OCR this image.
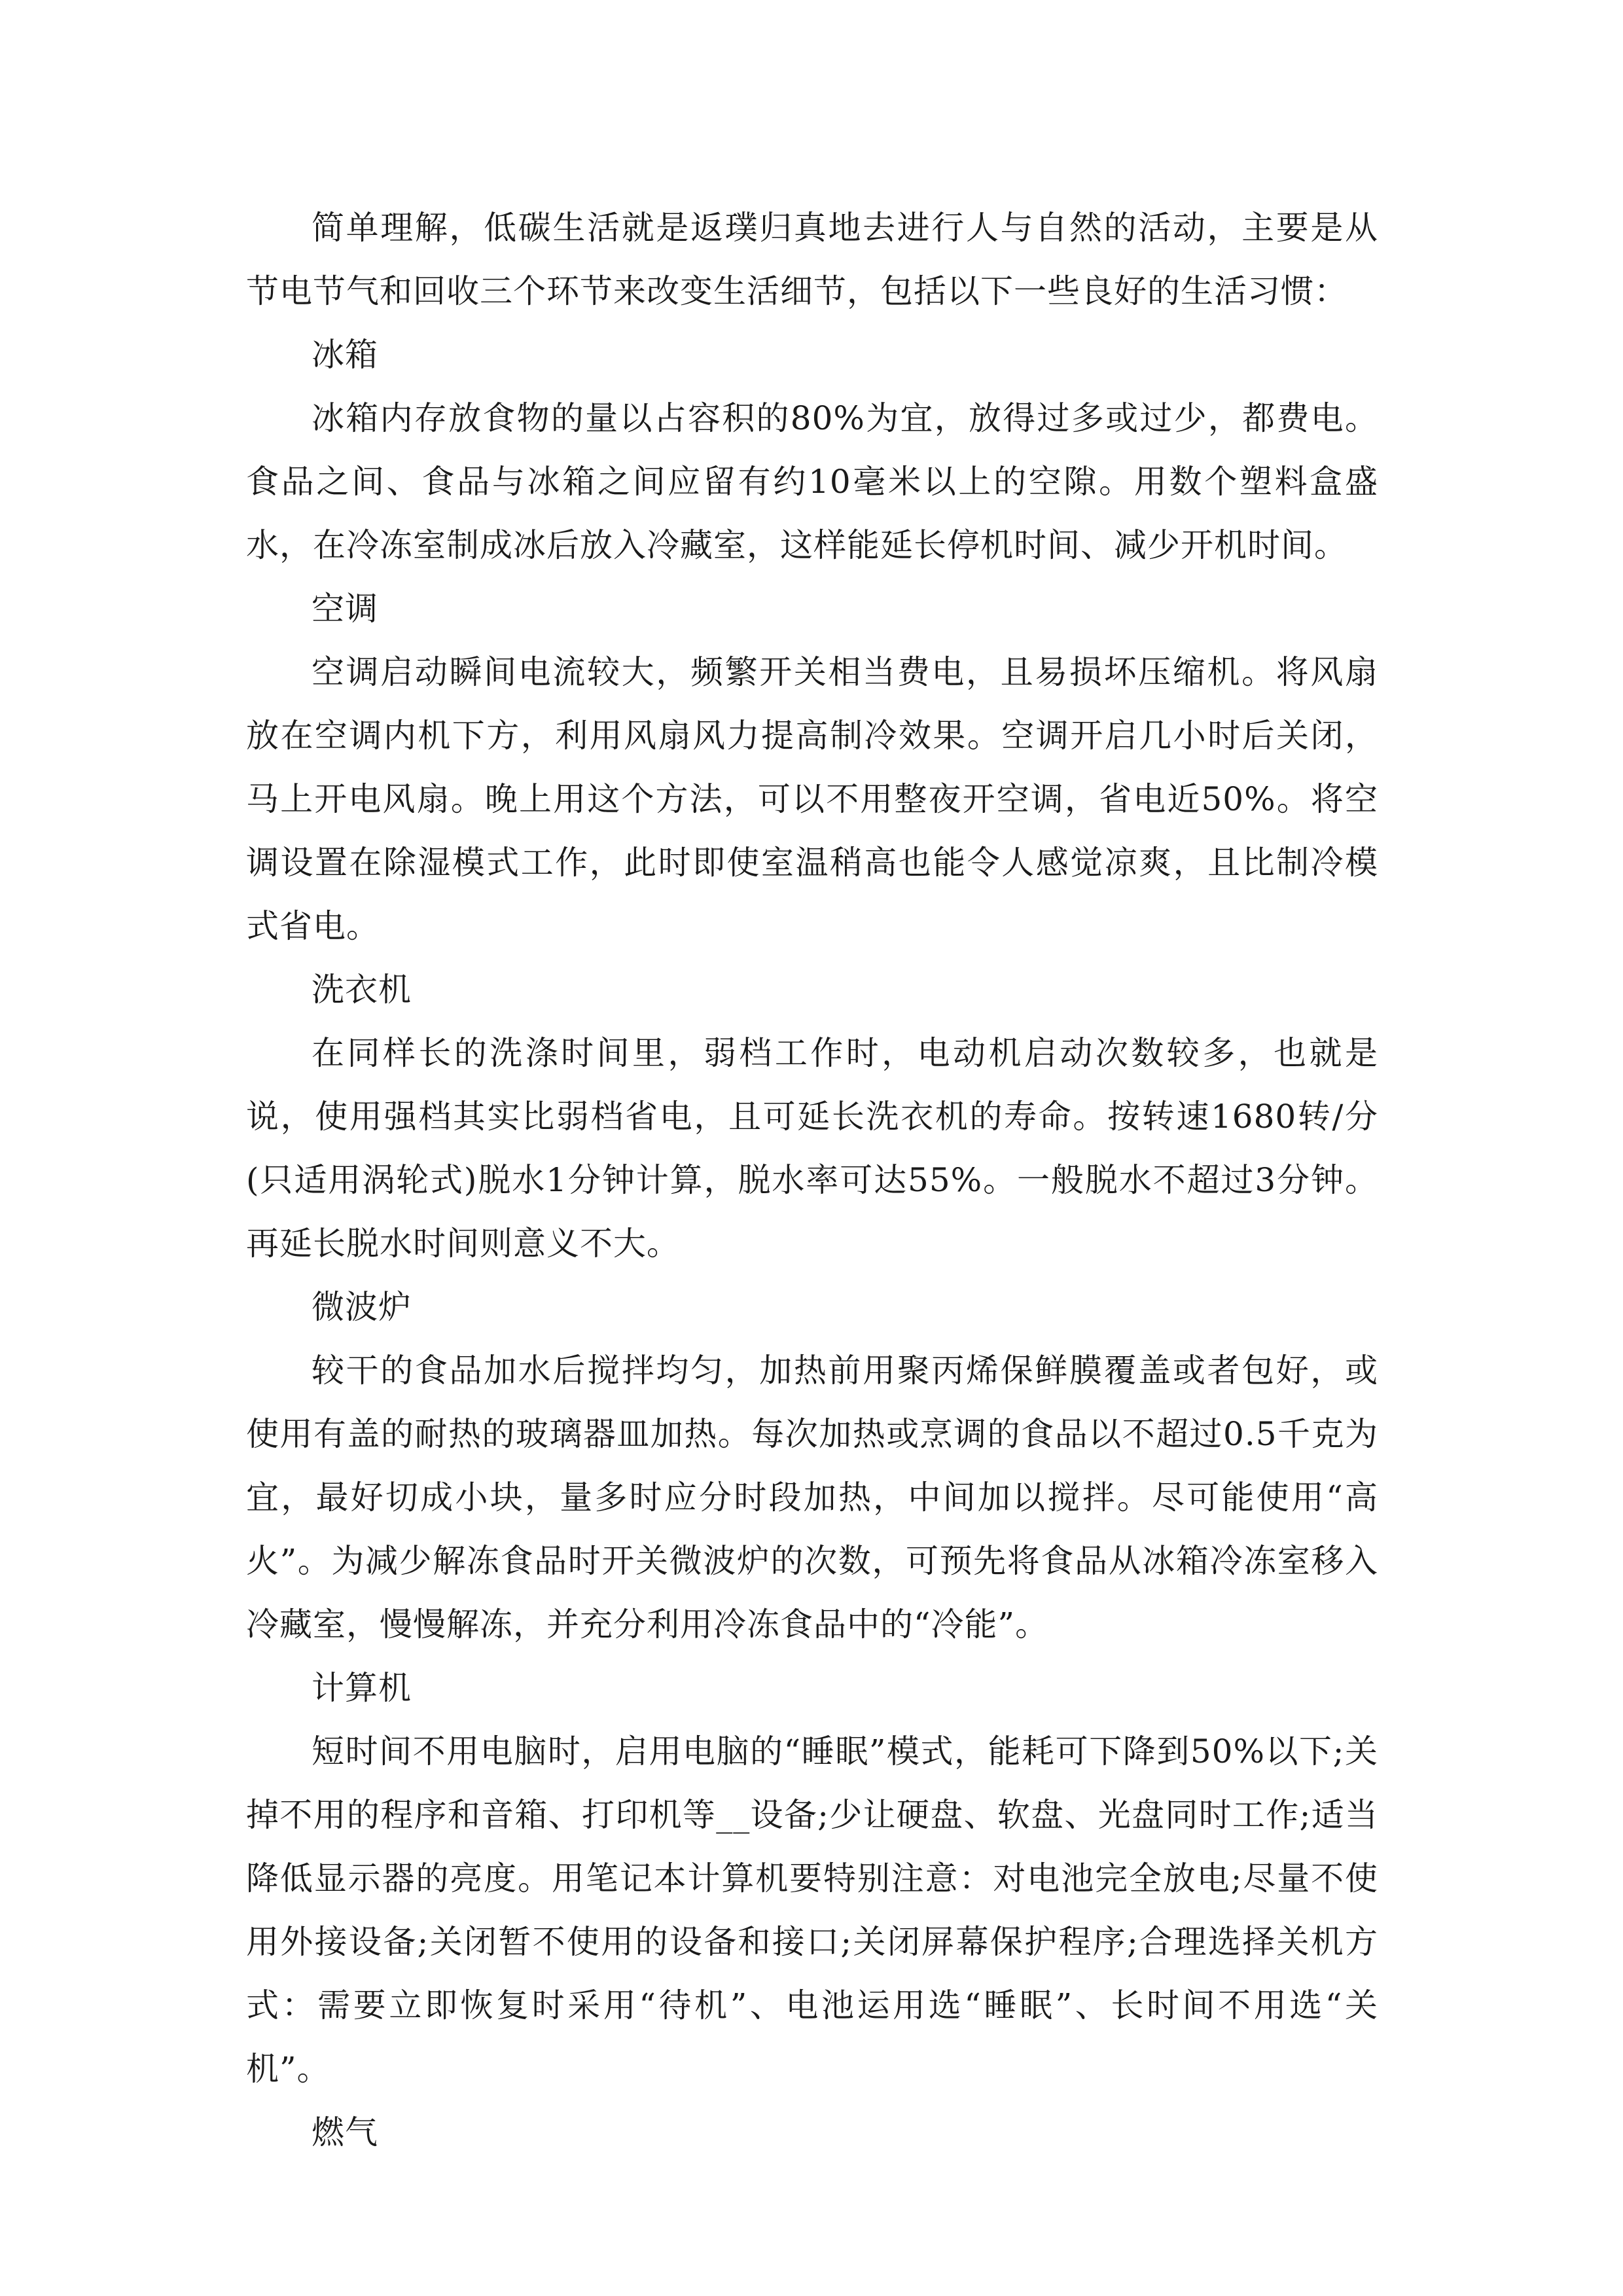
简单理解，低碳生活就是返璞归真地去进行人与自然的活动，主要是从节电节气和回收三个环节来改变生活细节，包括以下一些良好的生活习惯：

冰箱

冰箱内存放食物的量以占容积的80%为宜，放得过多或过少，都费电。食品之间、食品与冰箱之间应留有约10毫米以上的空隙。用数个塑料盒盛水，在冷冻室制成冰后放入冷藏室，这样能延长停机时间、减少开机时间。

空调

空调启动瞬间电流较大，频繁开关相当费电，且易损坏压缩机。将风扇放在空调内机下方，利用风扇风力提高制冷效果。空调开启几小时后关闭，马上开电风扇。晚上用这个方法，可以不用整夜开空调，省电近50%。将空调设置在除湿模式工作，此时即使室温稍高也能令人感觉凉爽，且比制冷模式省电。

洗衣机

在同样长的洗涤时间里，弱档工作时，电动机启动次数较多，也就是说，使用强档其实比弱档省电，且可延长洗衣机的寿命。按转速1680转/分(只适用涡轮式)脱水1分钟计算，脱水率可达55%。一般脱水不超过3分钟。再延长脱水时间则意义不大。

微波炉

较干的食品加水后搅拌均匀，加热前用聚丙烯保鲜膜覆盖或者包好，或使用有盖的耐热的玻璃器皿加热。每次加热或烹调的食品以不超过0.5千克为宜，最好切成小块，量多时应分时段加热，中间加以搅拌。尽可能使用“高火”。为减少解冻食品时开关微波炉的次数，可预先将食品从冰箱冷冻室移入冷藏室，慢慢解冻，并充分利用冷冻食品中的“冷能”。

计算机

短时间不用电脑时，启用电脑的“睡眠”模式，能耗可下降到50%以下;关掉不用的程序和音箱、打印机等__设备;少让硬盘、软盘、光盘同时工作;适当降低显示器的亮度。用笔记本计算机要特别注意：对电池完全放电;尽量不使用外接设备;关闭暂不使用的设备和接口;关闭屏幕保护程序;合理选择关机方式：需要立即恢复时采用“待机”、电池运用选“睡眠”、长时间不用选“关机”。

燃气
